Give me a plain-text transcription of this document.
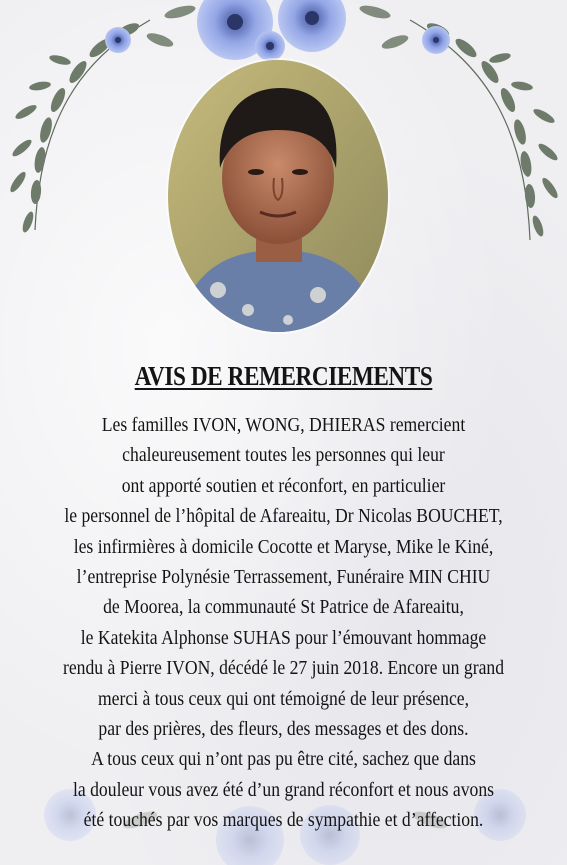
AVIS DE REMERCIEMENTS
Les familles IVON, WONG, DHIERAS remercient
chaleureusement toutes les personnes qui leur
ont apporté soutien et réconfort, en particulier
le personnel de l’hôpital de Afareaitu, Dr Nicolas BOUCHET,
les infirmières à domicile Cocotte et Maryse, Mike le Kiné,
l’entreprise Polynésie Terrassement, Funéraire MIN CHIU
de Moorea, la communauté St Patrice de Afareaitu,
le Katekita Alphonse SUHAS pour l’émouvant hommage
rendu à Pierre IVON, décédé le 27 juin 2018. Encore un grand
merci à tous ceux qui ont témoigné de leur présence,
par des prières, des fleurs, des messages et des dons.
A tous ceux qui n’ont pas pu être cité, sachez que dans
la douleur vous avez été d’un grand réconfort et nous avons
été touchés par vos marques de sympathie et d’affection.
